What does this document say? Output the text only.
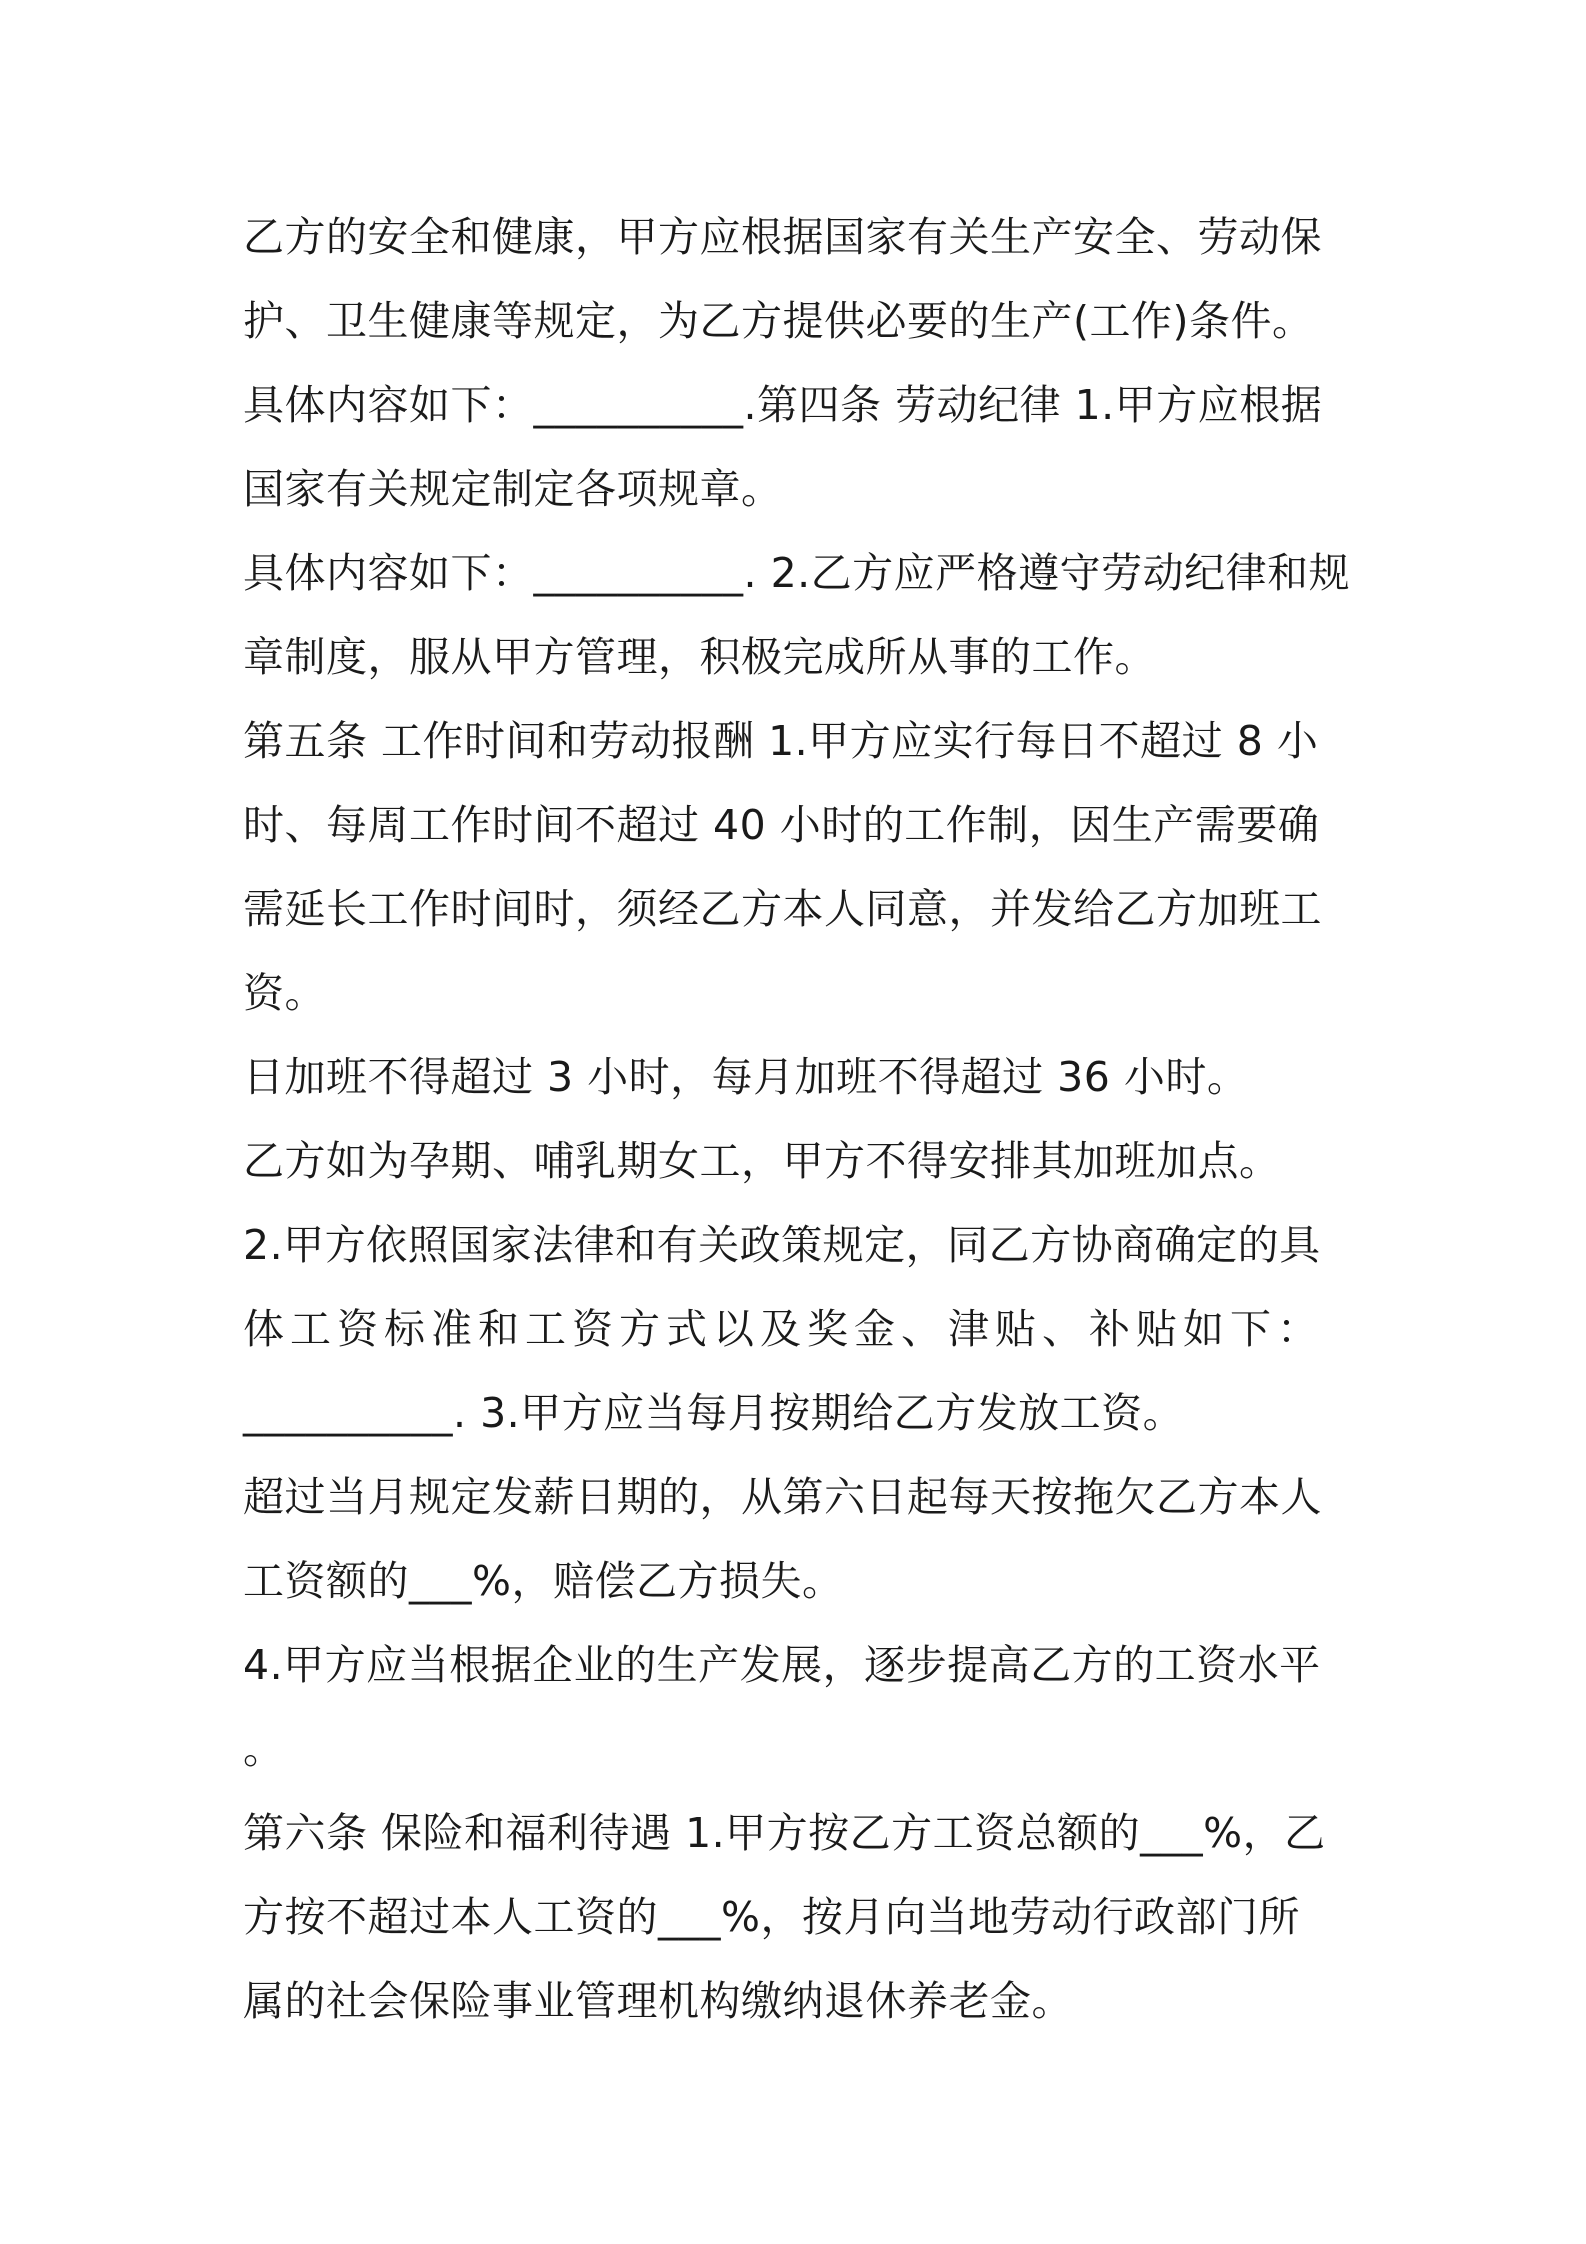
乙方的安全和健康，甲方应根据国家有关生产安全、劳动保
护、卫生健康等规定，为乙方提供必要的生产(工作)条件。
具体内容如下：__________.第四条 劳动纪律 1.甲方应根据
国家有关规定制定各项规章。
具体内容如下：__________. 2.乙方应严格遵守劳动纪律和规
章制度，服从甲方管理，积极完成所从事的工作。
第五条 工作时间和劳动报酬 1.甲方应实行每日不超过 8 小
时、每周工作时间不超过 40 小时的工作制，因生产需要确
需延长工作时间时，须经乙方本人同意，并发给乙方加班工
资。
日加班不得超过 3 小时，每月加班不得超过 36 小时。
乙方如为孕期、哺乳期女工，甲方不得安排其加班加点。
2.甲方依照国家法律和有关政策规定，同乙方协商确定的具
体工资标准和工资方式以及奖金、津贴、补贴如下：
__________. 3.甲方应当每月按期给乙方发放工资。
超过当月规定发薪日期的，从第六日起每天按拖欠乙方本人
工资额的___%，赔偿乙方损失。
4.甲方应当根据企业的生产发展，逐步提高乙方的工资水平
。
第六条 保险和福利待遇 1.甲方按乙方工资总额的___%，乙
方按不超过本人工资的___%，按月向当地劳动行政部门所
属的社会保险事业管理机构缴纳退休养老金。
